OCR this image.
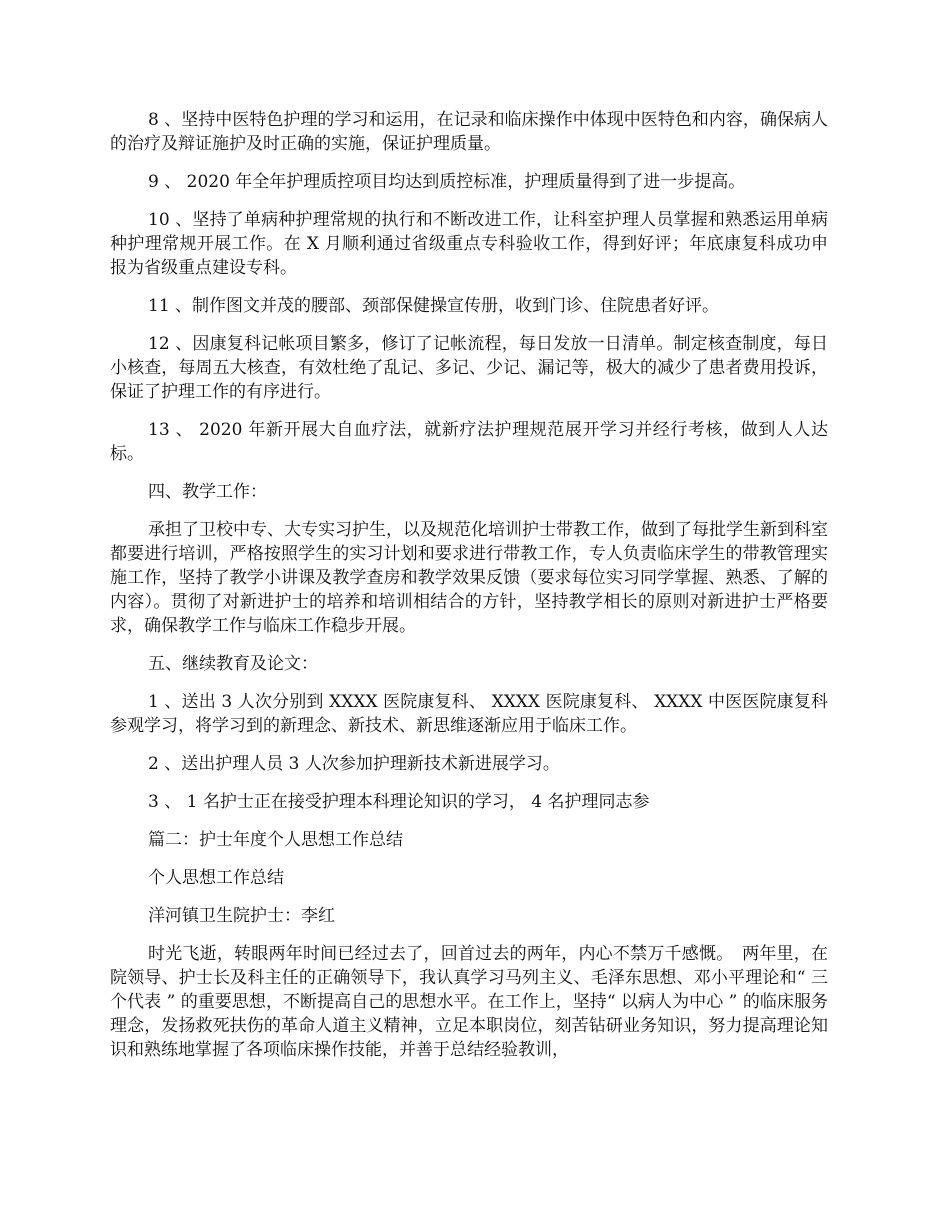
8 、坚持中医特色护理的学习和运用，在记录和临床操作中体现中医特色和内容，确保病人的治疗及辩证施护及时正确的实施，保证护理质量。

9 、 2020 年全年护理质控项目均达到质控标准，护理质量得到了进一步提高。

10 、坚持了单病种护理常规的执行和不断改进工作，让科室护理人员掌握和熟悉运用单病种护理常规开展工作。在 X 月顺利通过省级重点专科验收工作，得到好评；年底康复科成功申报为省级重点建设专科。

11 、制作图文并茂的腰部、颈部保健操宣传册，收到门诊、住院患者好评。

12 、因康复科记帐项目繁多，修订了记帐流程，每日发放一日清单。制定核查制度，每日小核查，每周五大核查，有效杜绝了乱记、多记、少记、漏记等，极大的减少了患者费用投诉，保证了护理工作的有序进行。

13 、 2020 年新开展大自血疗法，就新疗法护理规范展开学习并经行考核，做到人人达标。

四、教学工作：

承担了卫校中专、大专实习护生，以及规范化培训护士带教工作，做到了每批学生新到科室都要进行培训，严格按照学生的实习计划和要求进行带教工作，专人负责临床学生的带教管理实施工作，坚持了教学小讲课及教学查房和教学效果反馈（要求每位实习同学掌握、熟悉、了解的内容）。贯彻了对新进护士的培养和培训相结合的方针，坚持教学相长的原则对新进护士严格要求，确保教学工作与临床工作稳步开展。

五、继续教育及论文：

1 、送出 3 人次分别到 XXXX 医院康复科、 XXXX 医院康复科、 XXXX 中医医院康复科参观学习，将学习到的新理念、新技术、新思维逐渐应用于临床工作。

2 、送出护理人员 3 人次参加护理新技术新进展学习。

3 、 1 名护士正在接受护理本科理论知识的学习， 4 名护理同志参

篇二：护士年度个人思想工作总结

个人思想工作总结

洋河镇卫生院护士：李红

时光飞逝，转眼两年时间已经过去了，回首过去的两年，内心不禁万千感慨。　两年里，在院领导、护士长及科主任的正确领导下，我认真学习马列主义、毛泽东思想、邓小平理论和“ 三个代表 ” 的重要思想，不断提高自己的思想水平。在工作上，坚持“ 以病人为中心 ” 的临床服务理念，发扬救死扶伤的革命人道主义精神，立足本职岗位，刻苦钻研业务知识，努力提高理论知识和熟练地掌握了各项临床操作技能，并善于总结经验教训，
